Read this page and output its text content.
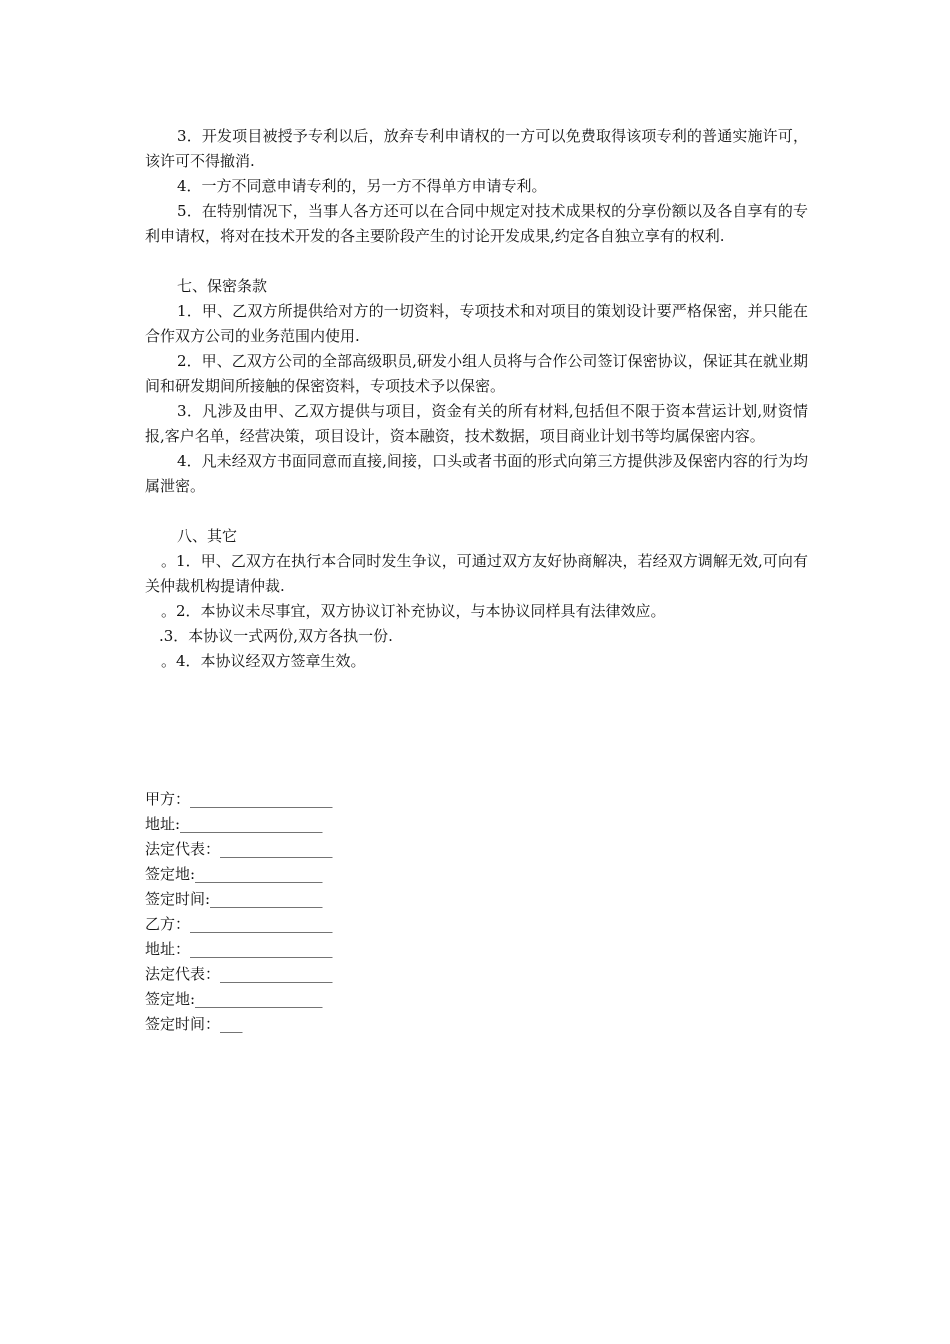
3．开发项目被授予专利以后，放弃专利申请权的一方可以免费取得该项专利的普通实施许可，该许可不得撤消.

4．一方不同意申请专利的，另一方不得单方申请专利。

5．在特别情况下，当事人各方还可以在合同中规定对技术成果权的分享份额以及各自享有的专利申请权，将对在技术开发的各主要阶段产生的讨论开发成果,约定各自独立享有的权利.

七、保密条款

1．甲、乙双方所提供给对方的一切资料，专项技术和对项目的策划设计要严格保密，并只能在合作双方公司的业务范围内使用.

2．甲、乙双方公司的全部高级职员,研发小组人员将与合作公司签订保密协议，保证其在就业期间和研发期间所接触的保密资料，专项技术予以保密。

3．凡涉及由甲、乙双方提供与项目，资金有关的所有材料,包括但不限于资本营运计划,财资情报,客户名单，经营决策，项目设计，资本融资，技术数据，项目商业计划书等均属保密内容。

4．凡未经双方书面同意而直接,间接，口头或者书面的形式向第三方提供涉及保密内容的行为均属泄密。

八、其它

。1．甲、乙双方在执行本合同时发生争议，可通过双方友好协商解决，若经双方调解无效,可向有关仲裁机构提请仲裁.

。2．本协议未尽事宜，双方协议订补充协议，与本协议同样具有法律效应。

.3．本协议一式两份,双方各执一份.

。4．本协议经双方签章生效。

甲方：___________________

地址:___________________

法定代表：_______________

签定地:_________________

签定时间:_______________

乙方：___________________

地址：___________________

法定代表：_______________

签定地:_________________

签定时间：___
